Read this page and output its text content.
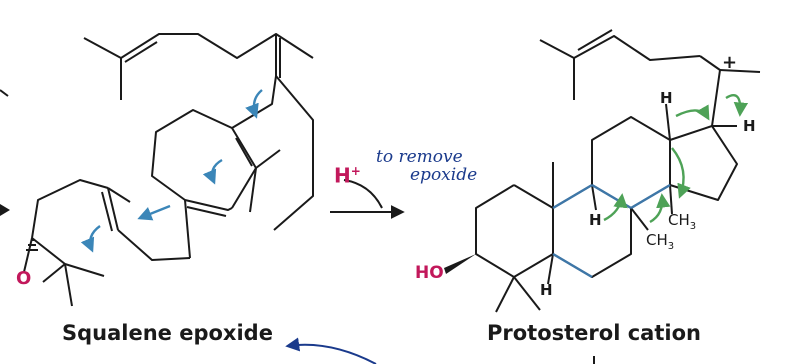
O
Squalene epoxide
H+
to remove
epoxide
HO
H
H
H
H
$CH_3$
$CH_3$
+
Protosterol cation
